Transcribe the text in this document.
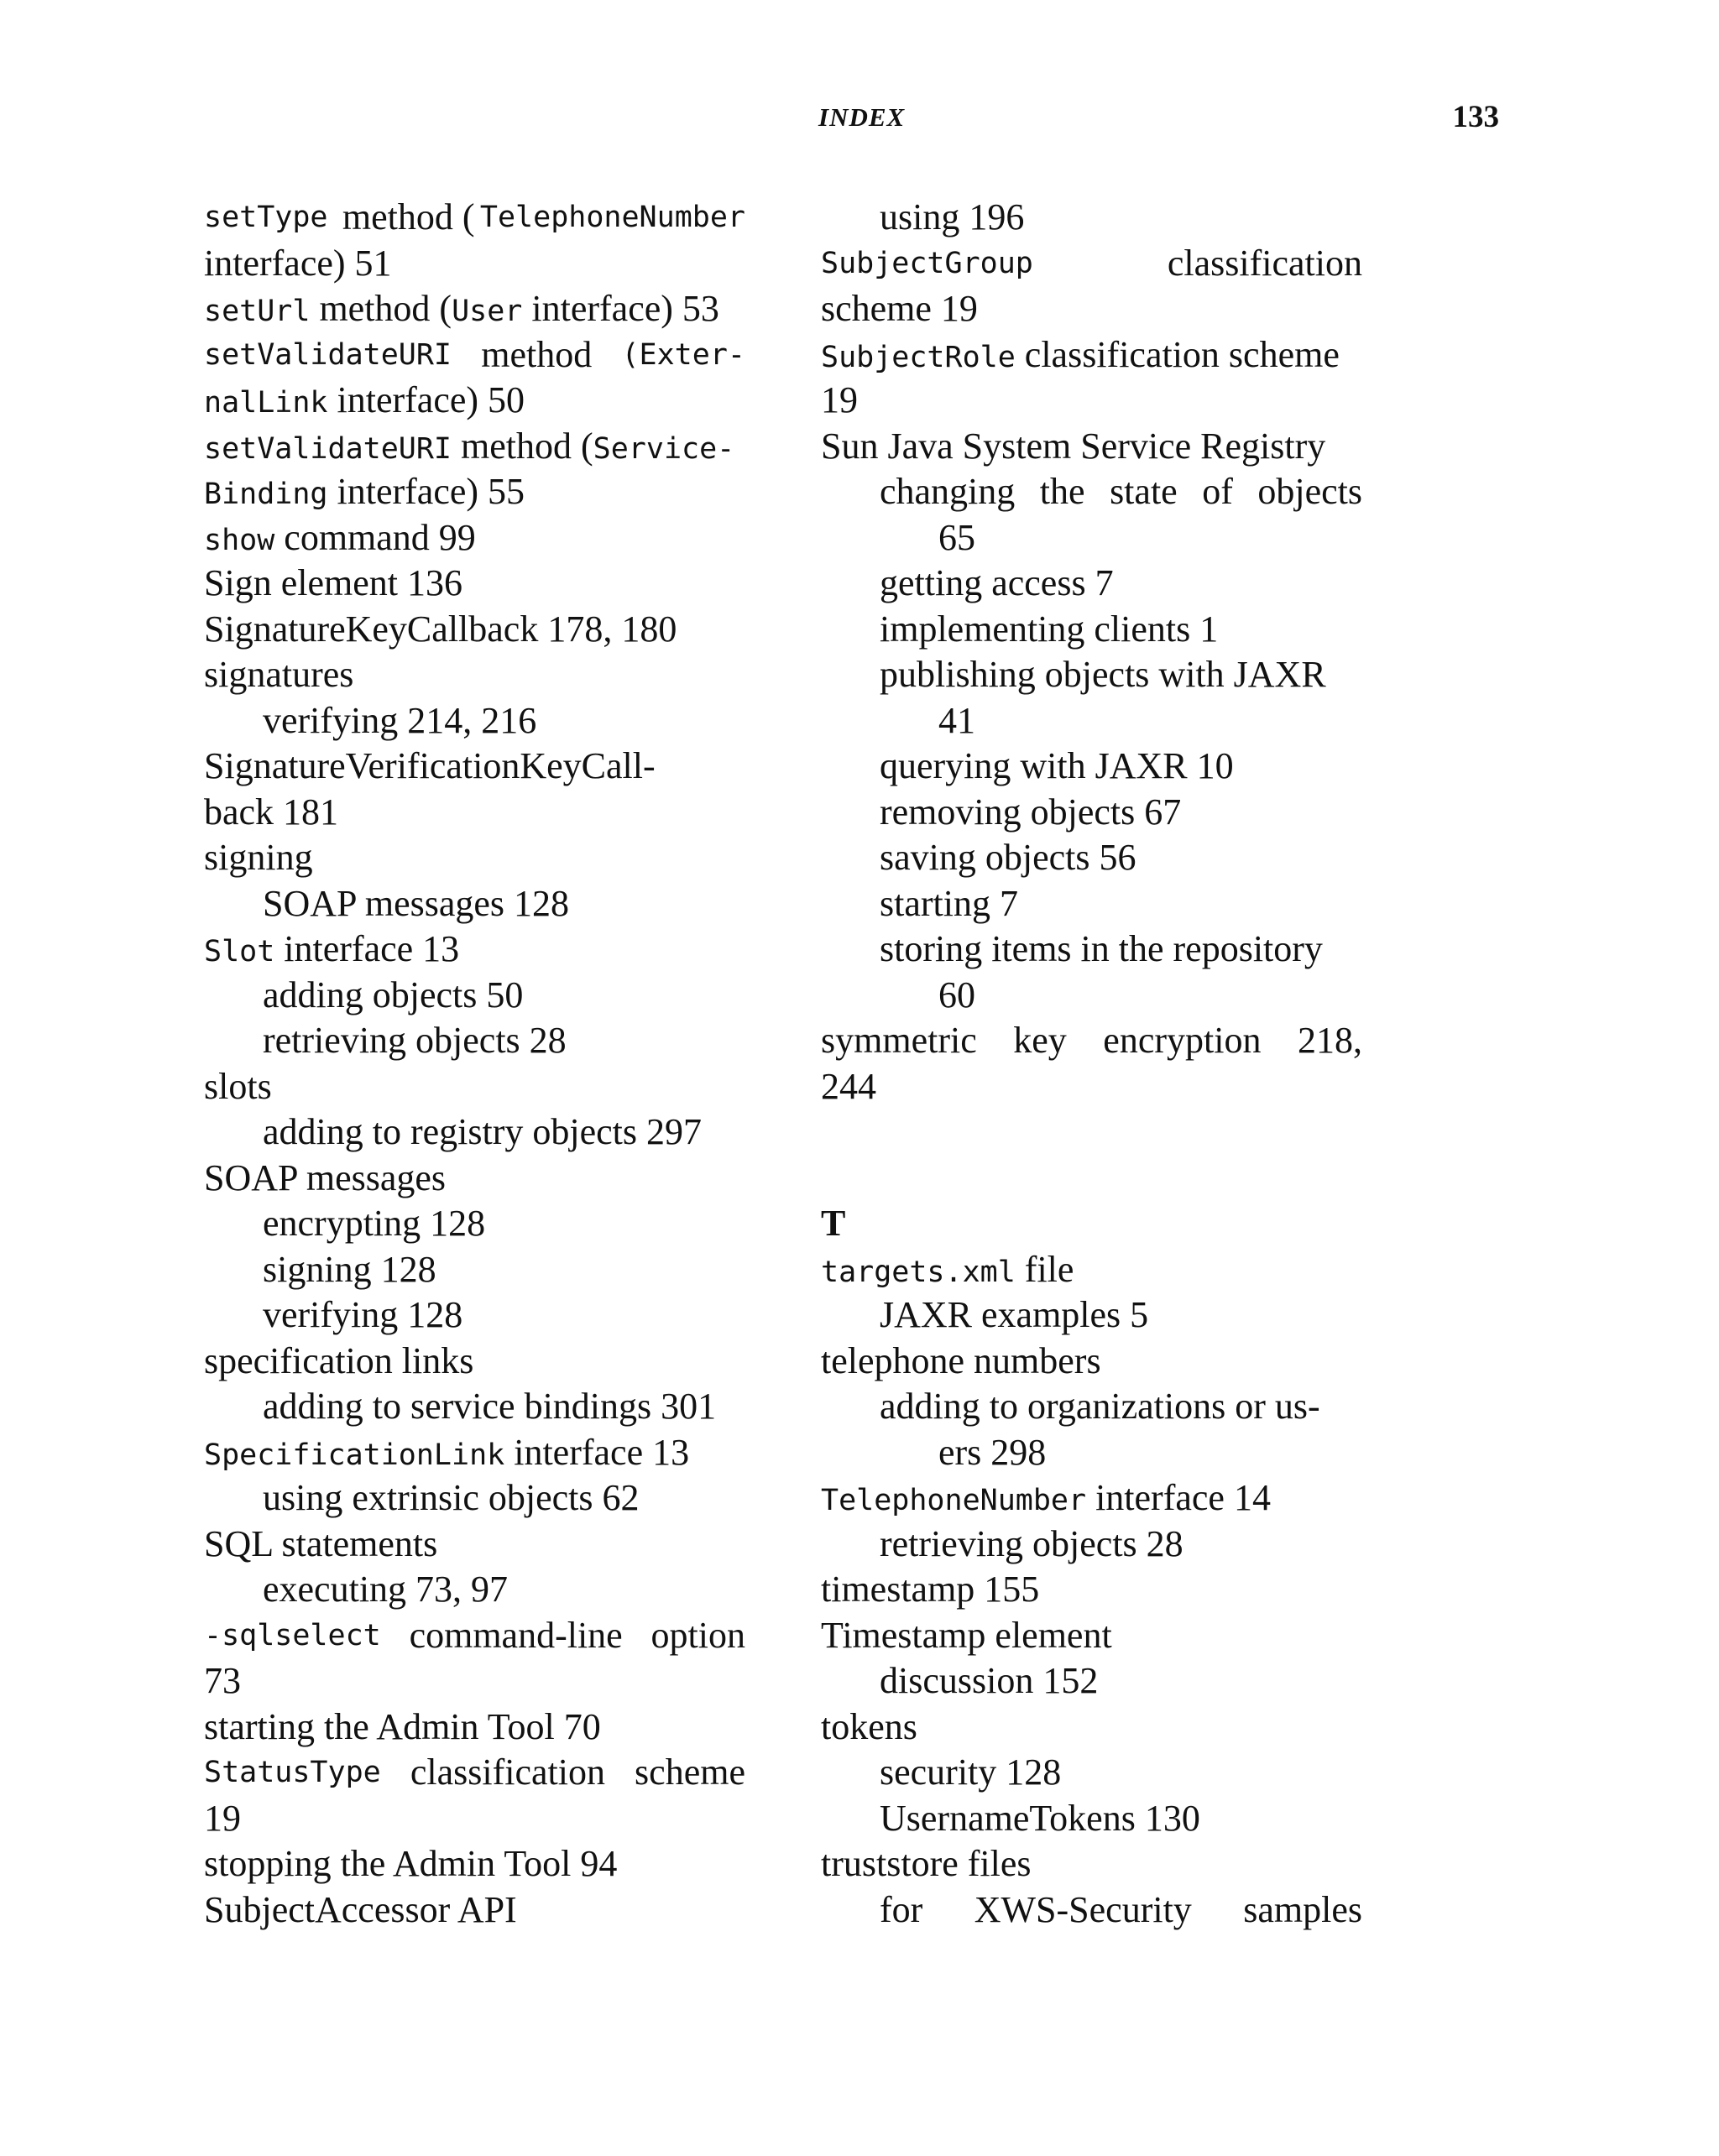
INDEX	133
setType method ( TelephoneNumber
interface) 51
setUrl method (User interface) 53
setValidateURI method (Exter-
nalLink interface) 50
setValidateURI method (Service-
Binding interface) 55
show command 99
Sign element 136
SignatureKeyCallback 178, 180
signatures
verifying 214, 216
SignatureVerificationKeyCall-
back 181
signing
SOAP messages 128
Slot interface 13
adding objects 50
retrieving objects 28
slots
adding to registry objects 297
SOAP messages
encrypting 128
signing 128
verifying 128
specification links
adding to service bindings 301
SpecificationLink interface 13
using extrinsic objects 62
SQL statements
executing 73, 97
-sqlselect command-line option
73
starting the Admin Tool 70
StatusType classification scheme
19
stopping the Admin Tool 94
SubjectAccessor API
using 196
SubjectGroup	classification
scheme 19
SubjectRole classification scheme
19
Sun Java System Service Registry
changing the state of objects
65
getting access 7
implementing clients 1
publishing objects with JAXR
41
querying with JAXR 10
removing objects 67
saving objects 56
starting 7
storing items in the repository
60
symmetric key encryption 218,
244
T
targets.xml file
JAXR examples 5
telephone numbers
adding to organizations or us-
ers 298
TelephoneNumber interface 14
retrieving objects 28
timestamp 155
Timestamp element
discussion 152
tokens
security 128
UsernameTokens 130
truststore files
for XWS-Security samples
